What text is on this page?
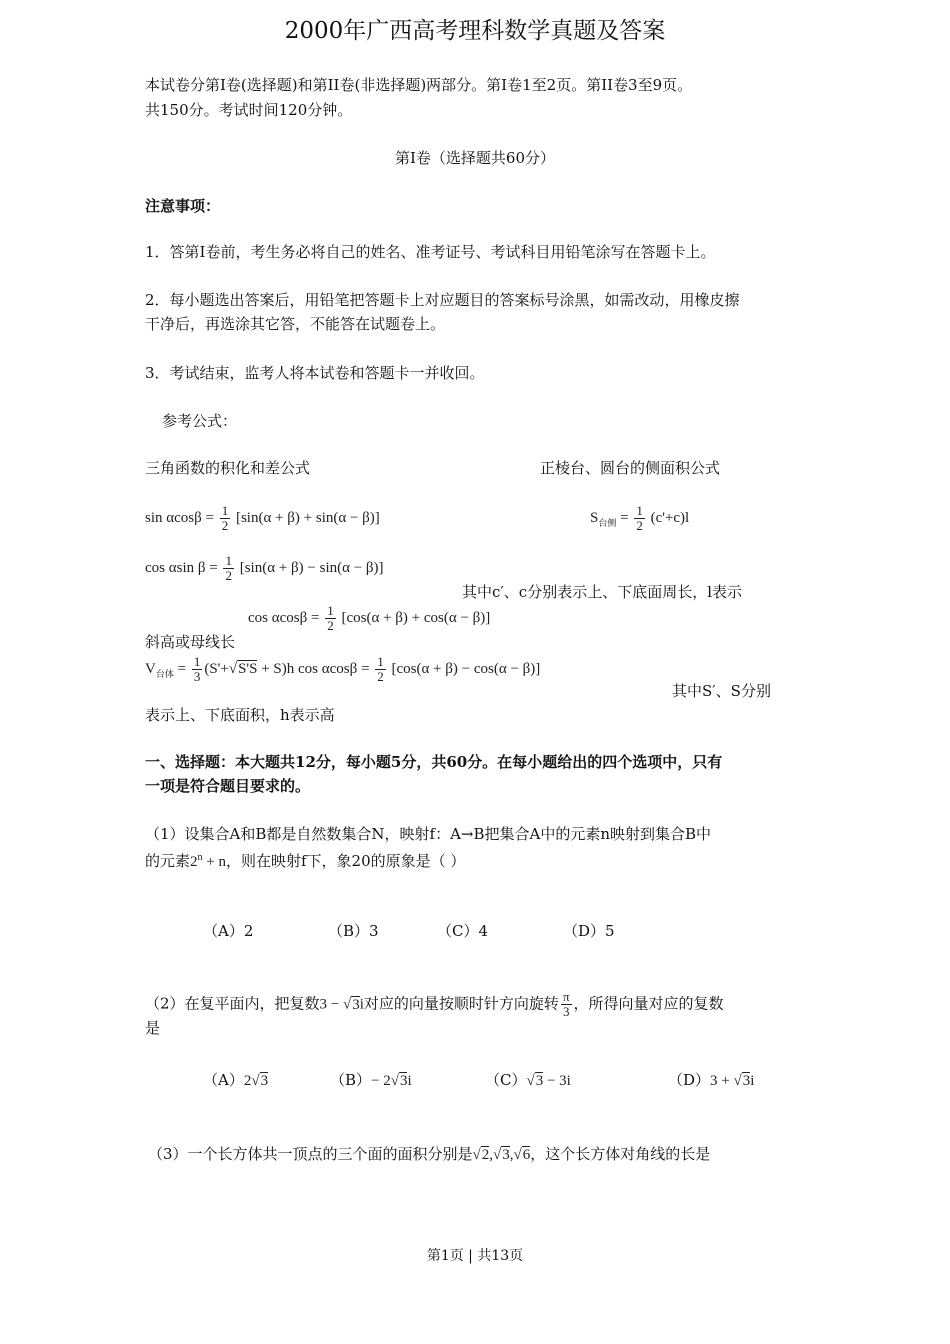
2000年广西高考理科数学真题及答案
本试卷分第Ⅰ卷(选择题)和第II卷(非选择题)两部分。第Ⅰ卷1至2页。第II卷3至9页。
共150分。考试时间120分钟。
第Ⅰ卷（选择题共60分）
注意事项：
1．答第Ⅰ卷前，考生务必将自己的姓名、准考证号、考试科目用铅笔涂写在答题卡上。
2．每小题选出答案后，用铅笔把答题卡上对应题目的答案标号涂黑，如需改动，用橡皮擦
干净后，再选涂其它答，不能答在试题卷上。
3．考试结束，监考人将本试卷和答题卡一并收回。
参考公式：
三角函数的积化和差公式	正棱台、圆台的侧面积公式
$\sin \alpha\cos\beta = \frac{1}{2} [\sin(\alpha + \beta) + \sin(\alpha - \beta)]$	$S_{台侧} = \frac{1}{2} (c'+c)l$
cos αsin $\beta = \frac{1}{2} [\sin(\alpha + \beta) - \sin(\alpha - \beta)]$
其中c′、c分别表示上、下底面周长，l表示
$\cos \alpha\cos\beta = \frac{1}{2} [\cos(\alpha + \beta) + \cos(\alpha - \beta)]$
斜高或母线长
$V_{台体} = \frac{1}{3} (S'+√S'S + S)h$ $\cos \alpha\cos\beta = \frac{1}{2} [\cos(\alpha + \beta) - \cos(\alpha - \beta)]$
其中S′、S分别
表示上、下底面积，h表示高
一、选择题：本大题共12分，每小题5分，共60分。在每小题给出的四个选项中，只有
一项是符合题目要求的。
（1）设集合A和B都是自然数集合N，映射f：A→B把集合A中的元素n映射到集合B中
的元素$2^n + n$，则在映射f下，象20的原象是（ ）
（A）2	（B）3	（C）4	（D）5
（2）在复平面内，把复数3 − √3i对应的向量按顺时针方向旋转 $\frac{\pi}{3}$ ，所得向量对应的复数
是
（A）2√3	（B）− 2√3i	（C）√3 − 3i	（D）3 + √3i
（3）一个长方体共一顶点的三个面的面积分别是√2,√3,√6，这个长方体对角线的长是
第1页 | 共13页
